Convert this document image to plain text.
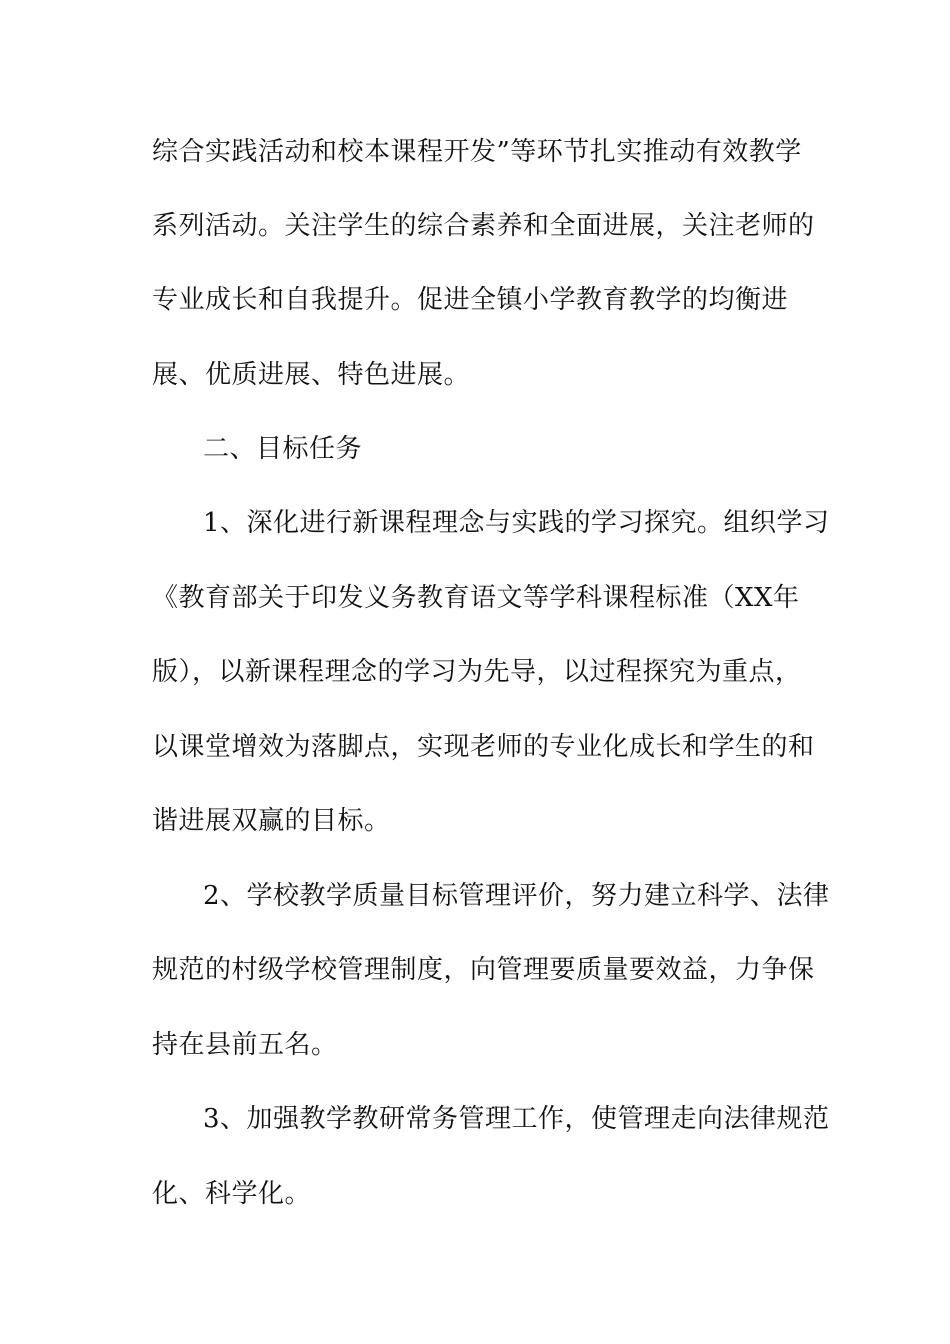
综合实践活动和校本课程开发”等环节扎实推动有效教学
系列活动。关注学生的综合素养和全面进展，关注老师的
专业成长和自我提升。促进全镇小学教育教学的均衡进
展、优质进展、特色进展。
二、目标任务
1、深化进行新课程理念与实践的学习探究。组织学习
《教育部关于印发义务教育语文等学科课程标准（XX年
版），以新课程理念的学习为先导，以过程探究为重点，
以课堂增效为落脚点，实现老师的专业化成长和学生的和
谐进展双赢的目标。
2、学校教学质量目标管理评价，努力建立科学、法律
规范的村级学校管理制度，向管理要质量要效益，力争保
持在县前五名。
3、加强教学教研常务管理工作，使管理走向法律规范
化、科学化。
